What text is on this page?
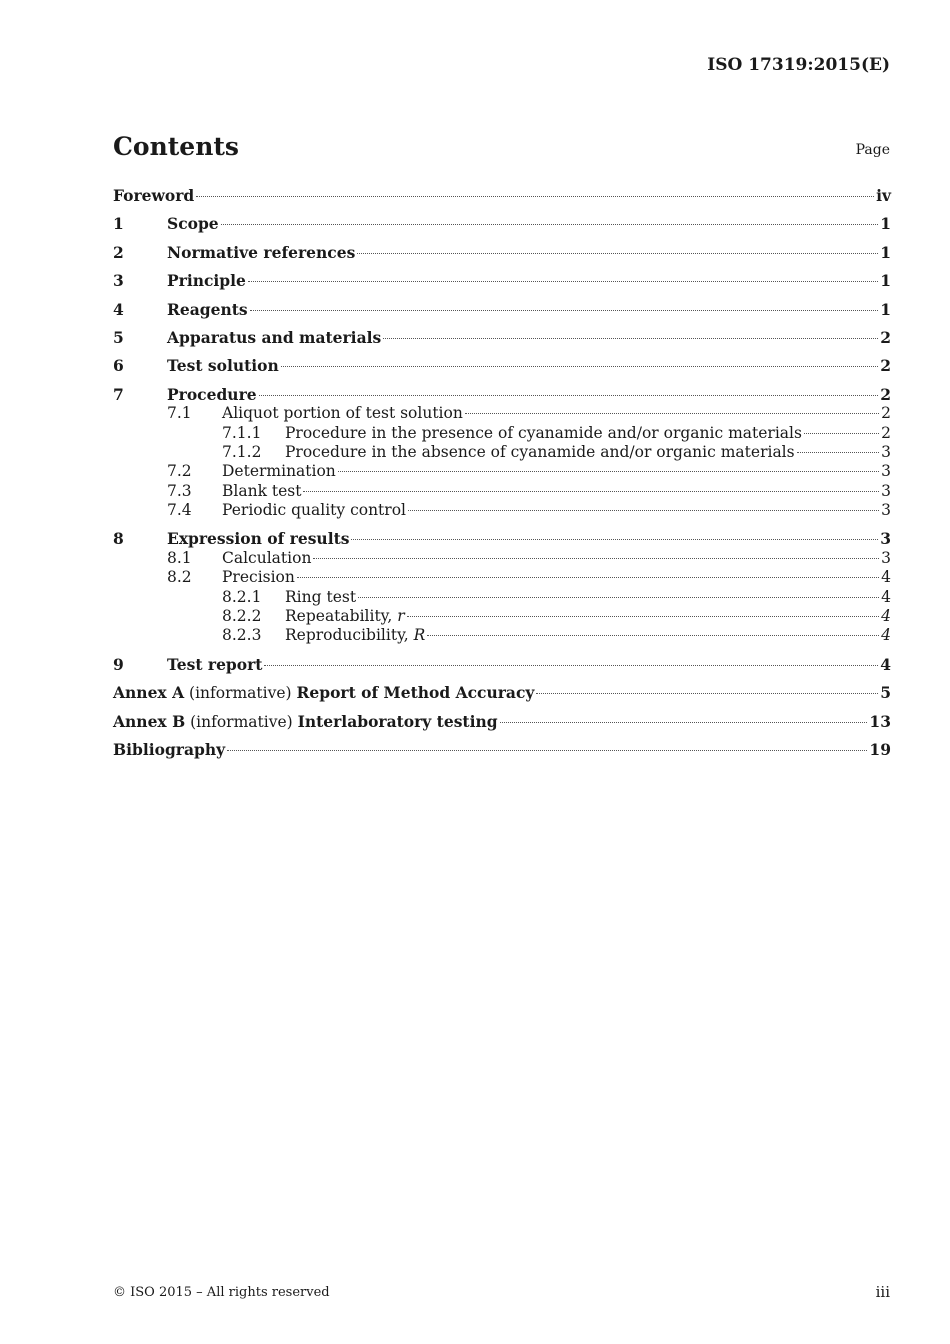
ISO 17319:2015(E)
Contents	Page
Foreword	iv
1	Scope	1
2	Normative references	1
3	Principle	1
4	Reagents	1
5	Apparatus and materials	2
6	Test solution	2
7	Procedure	2
7.1	Aliquot portion of test solution	2
7.1.1	Procedure in the presence of cyanamide and/or organic materials	2
7.1.2	Procedure in the absence of cyanamide and/or organic materials	3
7.2	Determination	3
7.3	Blank test	3
7.4	Periodic quality control	3
8	Expression of results	3
8.1	Calculation	3
8.2	Precision	4
8.2.1	Ring test	4
8.2.2	Repeatability, r	4
8.2.3	Reproducibility, R	4
9	Test report	4
Annex A (informative) Report of Method Accuracy	5
Annex B (informative) Interlaboratory testing	13
Bibliography	19
© ISO 2015 – All rights reserved	iii
